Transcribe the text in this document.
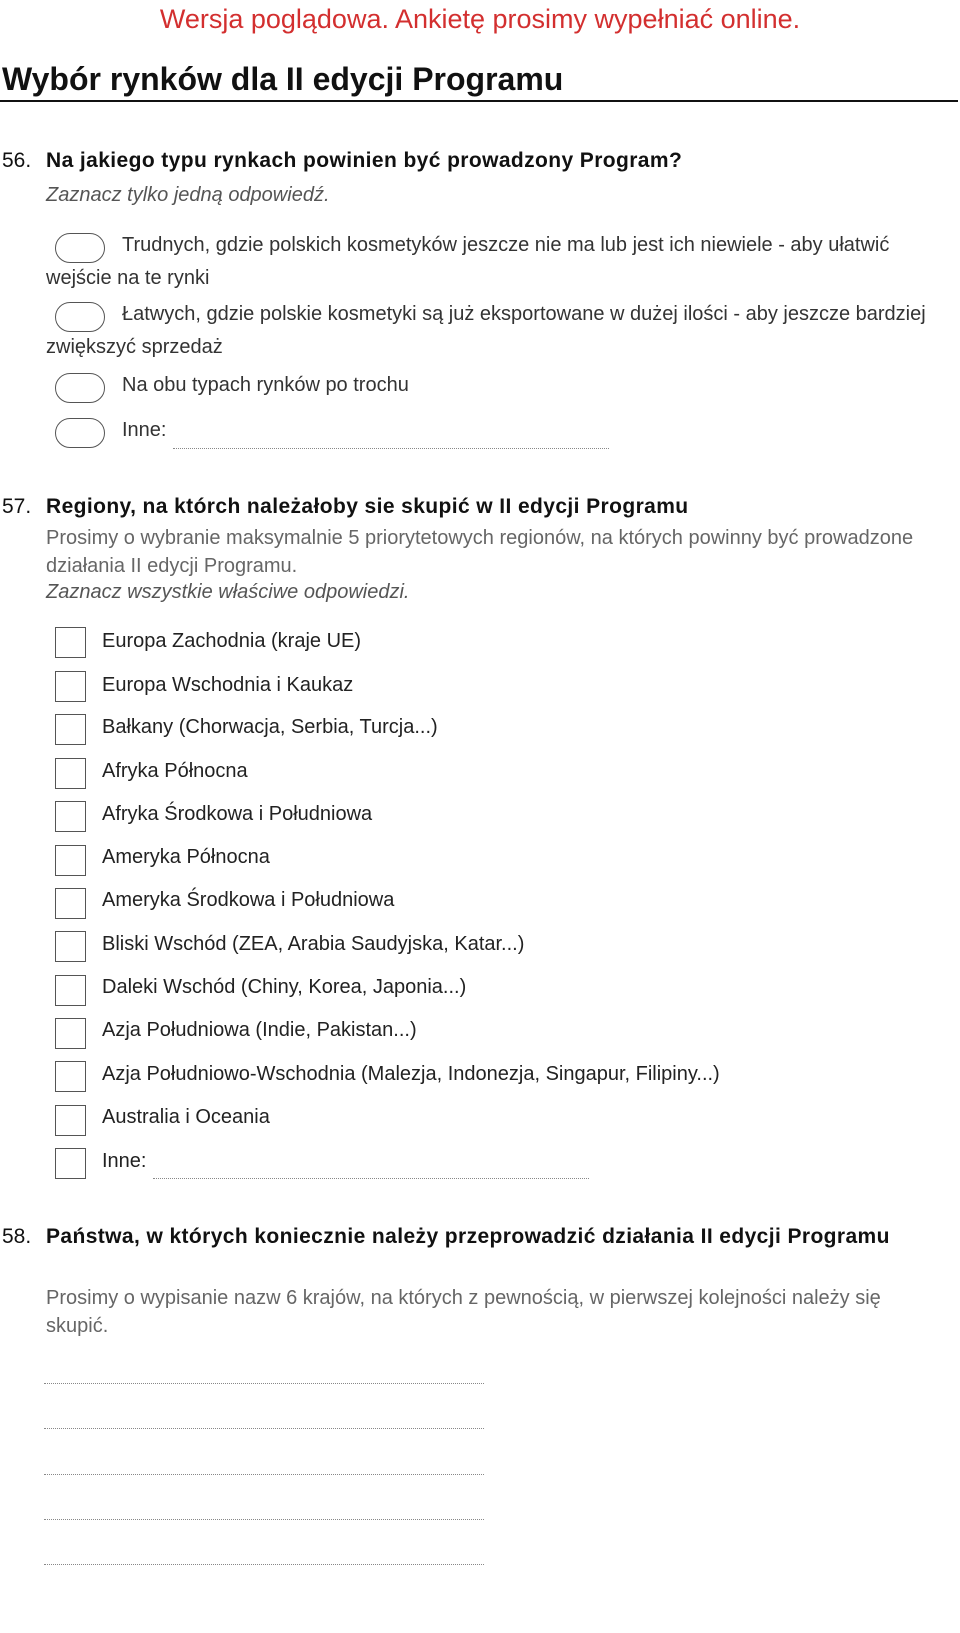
Wersja poglądowa. Ankietę prosimy wypełniać online.
Wybór rynków dla II edycji Programu
56. Na jakiego typu rynkach powinien być prowadzony Program?
Zaznacz tylko jedną odpowiedź.
Trudnych, gdzie polskich kosmetyków jeszcze nie ma lub jest ich niewiele - aby ułatwić wejście na te rynki
Łatwych, gdzie polskie kosmetyki są już eksportowane w dużej ilości - aby jeszcze bardziej zwiększyć sprzedaż
Na obu typach rynków po trochu
Inne:
57. Regiony, na którch należałoby sie skupić w II edycji Programu
Prosimy o wybranie maksymalnie 5 priorytetowych regionów, na których powinny być prowadzone działania II edycji Programu.
Zaznacz wszystkie właściwe odpowiedzi.
Europa Zachodnia (kraje UE)
Europa Wschodnia i Kaukaz
Bałkany (Chorwacja, Serbia, Turcja...)
Afryka Północna
Afryka Środkowa i Południowa
Ameryka Północna
Ameryka Środkowa i Południowa
Bliski Wschód (ZEA, Arabia Saudyjska, Katar...)
Daleki Wschód (Chiny, Korea, Japonia...)
Azja Południowa (Indie, Pakistan...)
Azja Południowo-Wschodnia (Malezja, Indonezja, Singapur, Filipiny...)
Australia i Oceania
Inne:
58. Państwa, w których koniecznie należy przeprowadzić działania II edycji Programu
Prosimy o wypisanie nazw 6 krajów, na których z pewnością, w pierwszej kolejności należy się skupić.
